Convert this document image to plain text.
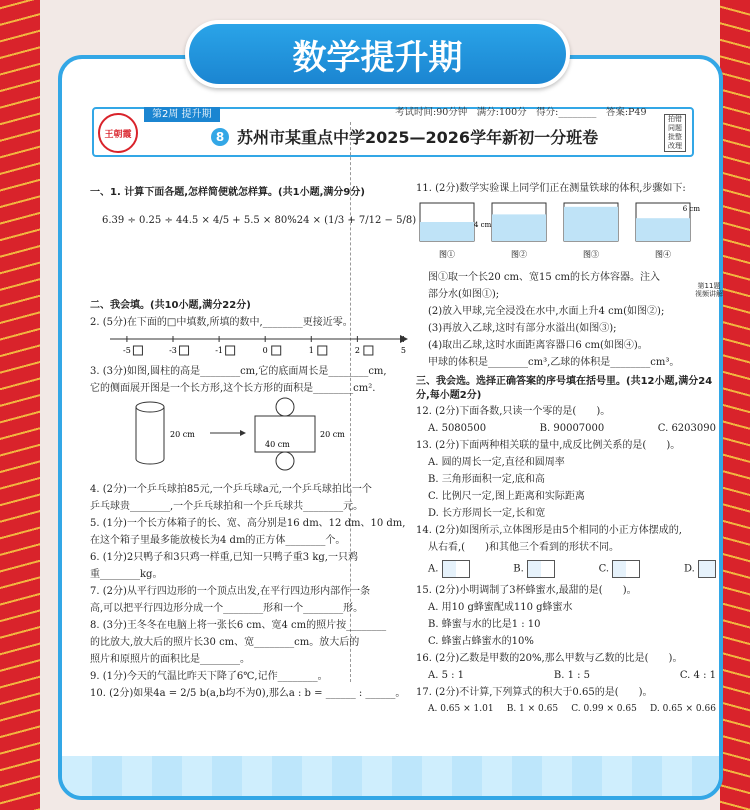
数学提升期
王朝霞
第2周 提升期
8 苏州市某重点中学2025—2026学年新初一分班卷
拍错
同题
批整
改理
考试时间:90分钟　满分:100分　得分:________　答案:P49
一、1. 计算下面各题,怎样简便就怎样算。(共1小题,满分9分)
6.39 ÷ 0.25 ÷ 4 4.5 × 4/5 + 5.5 × 80% 24 × (1/3 + 7/12 − 5/8)
二、我会填。(共10小题,满分22分)
2. (5分)在下面的□中填数,所填的数中,________更接近零。
-5	-3	-1	0	1	2	5
3. (3分)如图,圆柱的高是________cm,它的底面周长是________cm,
它的侧面展开图是一个长方形,这个长方形的面积是________cm².
20 cm
40 cm
20 cm
4. (2分)一个乒乓球拍85元,一个乒乓球a元,一个乒乓球拍比一个
乒乓球贵________,一个乒乓球拍和一个乒乓球共________元。
5. (1分)一个长方体箱子的长、宽、高分别是16 dm、12 dm、10 dm,
在这个箱子里最多能放棱长为4 dm的正方体________个。
6. (1分)2只鸭子和3只鸡一样重,已知一只鸭子重3 kg,一只鸡
重________kg。
7. (2分)从平行四边形的一个顶点出发,在平行四边形内部作一条
高,可以把平行四边形分成一个________形和一个________形。
8. (3分)王冬冬在电脑上将一张长6 cm、宽4 cm的照片按________
的比放大,放大后的照片长30 cm、宽________cm。放大后的
照片和原照片的面积比是________。
9. (1分)今天的气温比昨天下降了6℃,记作________。
10. (2分)如果4a = 2/5 b(a,b均不为0),那么a : b = ______ : ______。
11. (2分)数学实验课上同学们正在测量铁球的体积,步骤如下:
图①	图②	图③	图④
4 cm
6 cm
图①取一个长20 cm、宽15 cm的长方体容器。注入
部分水(如图①);
(2)放入甲球,完全浸没在水中,水面上升4 cm(如图②);
(3)再放入乙球,这时有部分水溢出(如图③);
(4)取出乙球,这时水面距离容器口6 cm(如图④)。
甲球的体积是________cm³,乙球的体积是________cm³。
三、我会选。选择正确答案的序号填在括号里。(共12小题,满分24分,每小题2分)
12. (2分)下面各数,只读一个零的是(　　)。
A. 5080500	B. 90007000	C. 6203090
13. (2分)下面两种相关联的量中,成反比例关系的是(　　)。
A. 圆的周长一定,直径和圆周率
B. 三角形面积一定,底和高
C. 比例尺一定,图上距离和实际距离
D. 长方形周长一定,长和宽
14. (2分)如图所示,立体图形是由5个相同的小正方体摆成的,
从右看,(　　)和其他三个看到的形状不同。
A.	B.	C.	D.
15. (2分)小明调制了3杯蜂蜜水,最甜的是(　　)。
A. 用10 g蜂蜜配成110 g蜂蜜水
B. 蜂蜜与水的比是1 : 10
C. 蜂蜜占蜂蜜水的10%
16. (2分)乙数是甲数的20%,那么甲数与乙数的比是(　　)。
A. 5 : 1	B. 1 : 5	C. 4 : 1
17. (2分)不计算,下列算式的积大于0.65的是(　　)。
A. 0.65 × 1.01 B. 1 × 0.65 C. 0.99 × 0.65 D. 0.65 × 0.66
第11题 视频讲解
